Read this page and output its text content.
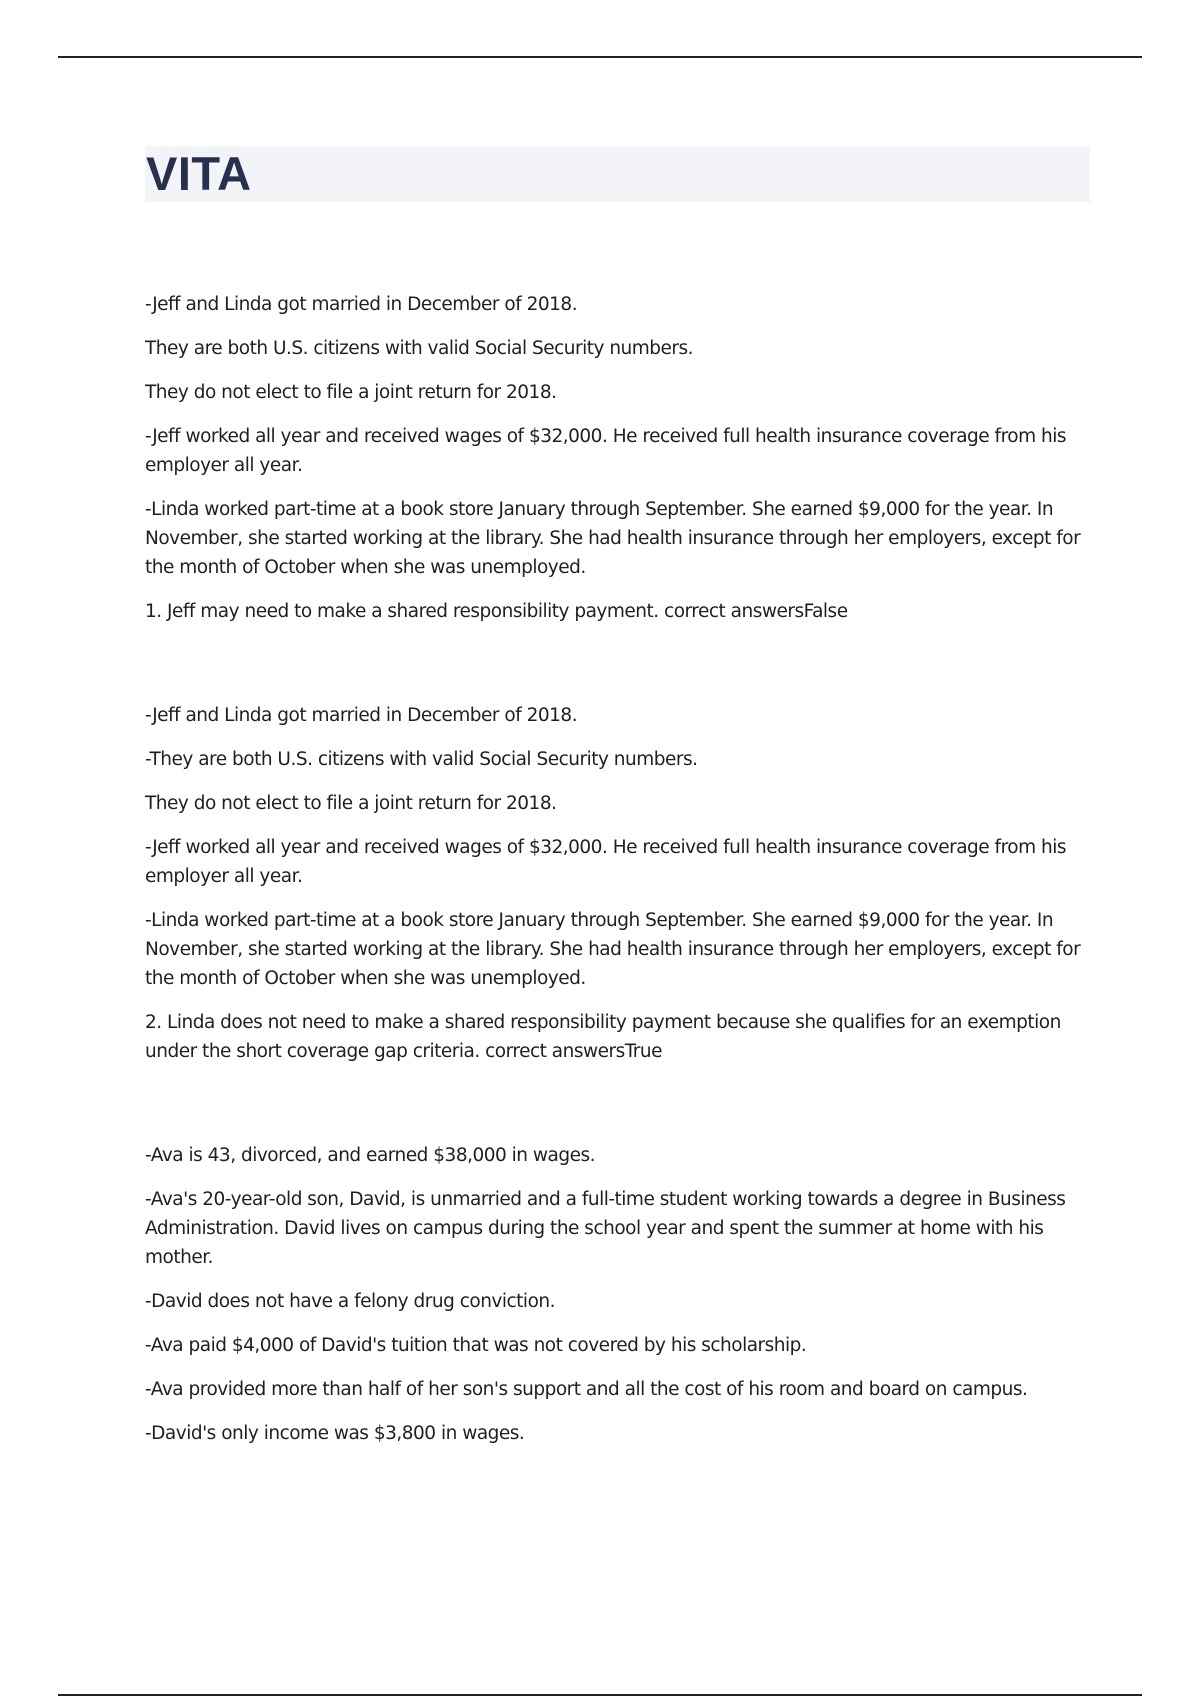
VITA

-Jeff and Linda got married in December of 2018.

They are both U.S. citizens with valid Social Security numbers.

They do not elect to file a joint return for 2018.

-Jeff worked all year and received wages of $32,000. He received full health insurance coverage from his employer all year.

-Linda worked part-time at a book store January through September. She earned $9,000 for the year. In November, she started working at the library. She had health insurance through her employers, except for the month of October when she was unemployed.

1. Jeff may need to make a shared responsibility payment. correct answersFalse

-Jeff and Linda got married in December of 2018.

-They are both U.S. citizens with valid Social Security numbers.

They do not elect to file a joint return for 2018.

-Jeff worked all year and received wages of $32,000. He received full health insurance coverage from his employer all year.

-Linda worked part-time at a book store January through September. She earned $9,000 for the year. In November, she started working at the library. She had health insurance through her employers, except for the month of October when she was unemployed.

2. Linda does not need to make a shared responsibility payment because she qualifies for an exemption under the short coverage gap criteria. correct answersTrue

-Ava is 43, divorced, and earned $38,000 in wages.

-Ava's 20-year-old son, David, is unmarried and a full-time student working towards a degree in Business Administration. David lives on campus during the school year and spent the summer at home with his mother.

-David does not have a felony drug conviction.

-Ava paid $4,000 of David's tuition that was not covered by his scholarship.

-Ava provided more than half of her son's support and all the cost of his room and board on campus.

-David's only income was $3,800 in wages.
